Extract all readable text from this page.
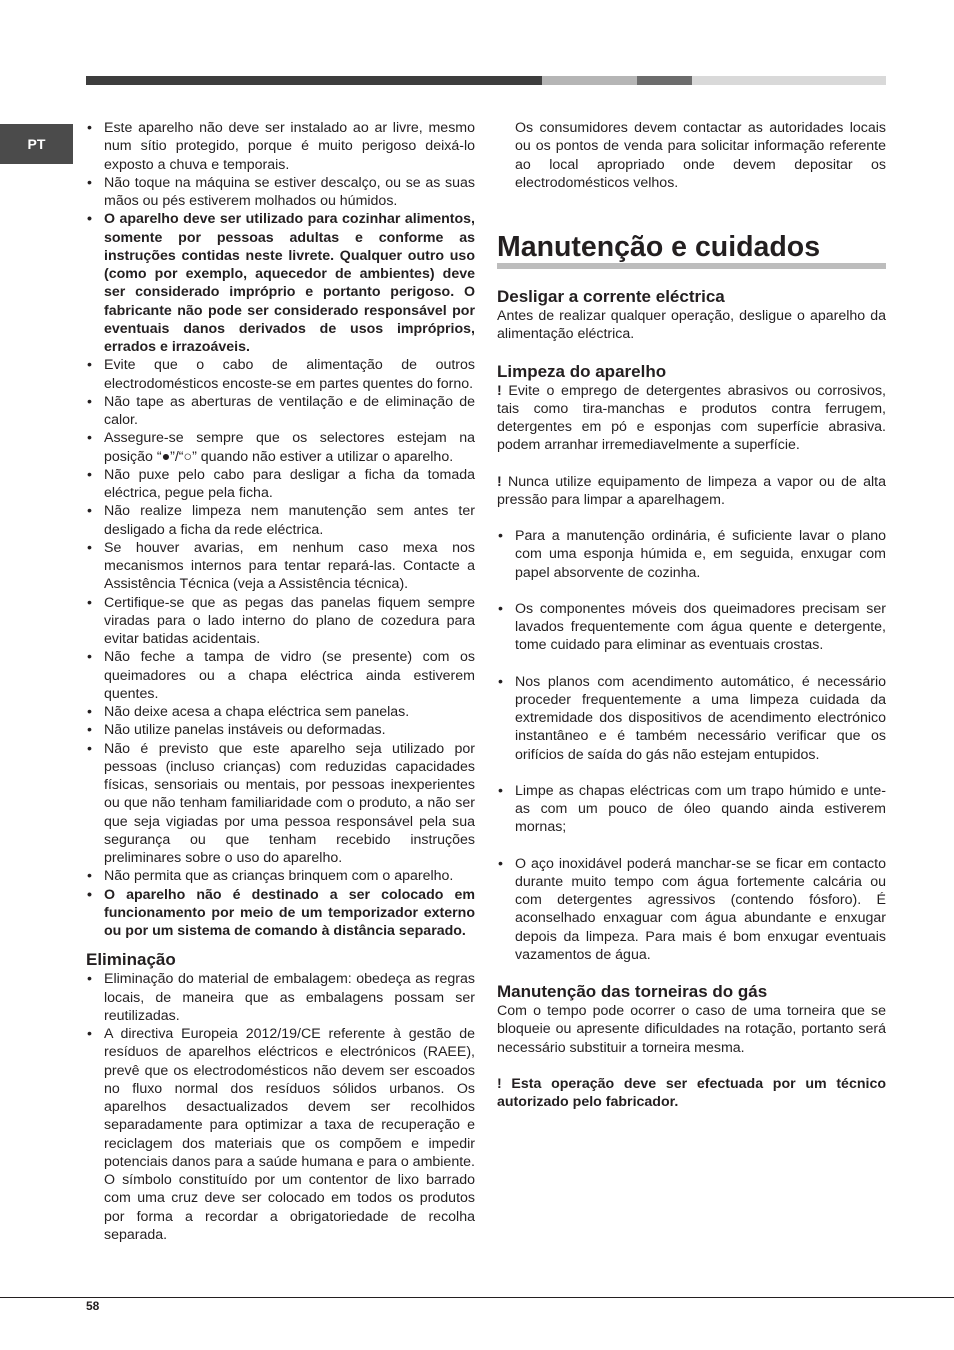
PT
• Este aparelho não deve ser instalado ao ar livre, mesmo num sítio protegido, porque é muito perigoso deixá-lo exposto a chuva e temporais.
• Não toque na máquina se estiver descalço, ou se as suas mãos ou pés estiverem molhados ou húmidos.
• O aparelho deve ser utilizado para cozinhar alimentos, somente por pessoas adultas e conforme as instruções contidas neste livrete. Qualquer outro uso (como por exemplo, aquecedor de ambientes) deve ser considerado impróprio e portanto perigoso. O fabricante não pode ser considerado responsável por eventuais danos derivados de usos impróprios, errados e irrazoáveis.
• Evite que o cabo de alimentação de outros electrodomésticos encoste-se em partes quentes do forno.
• Não tape as aberturas de ventilação e de eliminação de calor.
• Assegure-se sempre que os selectores estejam na posição “●”/“○” quando não estiver a utilizar o aparelho.
• Não puxe pelo cabo para desligar a ficha da tomada eléctrica, pegue pela ficha.
• Não realize limpeza nem manutenção sem antes ter desligado a ficha da rede eléctrica.
• Se houver avarias, em nenhum caso mexa nos mecanismos internos para tentar repará-las. Contacte a Assistência Técnica (veja a Assistência técnica).
• Certifique-se que as pegas das panelas fiquem sempre viradas para o lado interno do plano de cozedura para evitar batidas acidentais.
• Não feche a tampa de vidro (se presente) com os queimadores ou a chapa eléctrica ainda estiverem quentes.
• Não deixe acesa a chapa eléctrica sem panelas.
• Não utilize panelas instáveis ou deformadas.
• Não é previsto que este aparelho seja utilizado por pessoas (incluso crianças) com reduzidas capacidades físicas, sensoriais ou mentais, por pessoas inexperientes ou que não tenham familiaridade com o produto, a não ser que seja vigiadas por uma pessoa responsável pela sua segurança ou que tenham recebido instruções preliminares sobre o uso do aparelho.
• Não permita que as crianças brinquem com o aparelho.
• O aparelho não é destinado a ser colocado em funcionamento por meio de um temporizador externo ou por um sistema de comando à distância separado.
Eliminação
• Eliminação do material de embalagem: obedeça as regras locais, de maneira que as embalagens possam ser reutilizadas.
• A directiva Europeia 2012/19/CE referente à gestão de resíduos de aparelhos eléctricos e electrónicos (RAEE), prevê que os electrodomésticos não devem ser escoados no fluxo normal dos resíduos sólidos urbanos. Os aparelhos desactualizados devem ser recolhidos separadamente para optimizar a taxa de recuperação e reciclagem dos materiais que os compõem e impedir potenciais danos para a saúde humana e para o ambiente. O símbolo constituído por um contentor de lixo barrado com uma cruz deve ser colocado em todos os produtos por forma a recordar a obrigatoriedade de recolha separada.

Os consumidores devem contactar as autoridades locais ou os pontos de venda para solicitar informação referente ao local apropriado onde devem depositar os electrodomésticos velhos.

Manutenção e cuidados
Desligar a corrente eléctrica

Antes de realizar qualquer operação, desligue o aparelho da alimentação eléctrica.

Limpeza do aparelho

! Evite o emprego de detergentes abrasivos ou corrosivos, tais como tira-manchas e produtos contra ferrugem, detergentes em pó e esponjas com superfície abrasiva. podem arranhar irremediavelmente a superfície.

! Nunca utilize equipamento de limpeza a vapor ou de alta pressão para limpar a aparelhagem.

• Para a manutenção ordinária, é suficiente lavar o plano com uma esponja húmida e, em seguida, enxugar com papel absorvente de cozinha.
• Os componentes móveis dos queimadores precisam ser lavados frequentemente com água quente e detergente, tome cuidado para eliminar as eventuais crostas.
• Nos planos com acendimento automático, é necessário proceder frequentemente a uma limpeza cuidada da extremidade dos dispositivos de acendimento electrónico instantâneo e é também necessário verificar que os orifícios de saída do gás não estejam entupidos.
• Limpe as chapas eléctricas com um trapo húmido e unte-as com um pouco de óleo quando ainda estiverem mornas;
• O aço inoxidável poderá manchar-se se ficar em contacto durante muito tempo com água fortemente calcária ou com detergentes agressivos (contendo fósforo). É aconselhado enxaguar com água abundante e enxugar depois da limpeza. Para mais é bom enxugar eventuais vazamentos de água.
Manutenção das torneiras do gás

Com o tempo pode ocorrer o caso de uma torneira que se bloqueie ou apresente dificuldades na rotação, portanto será necessário substituir a torneira mesma.

! Esta operação deve ser efectuada por um técnico autorizado pelo fabricador.

58
